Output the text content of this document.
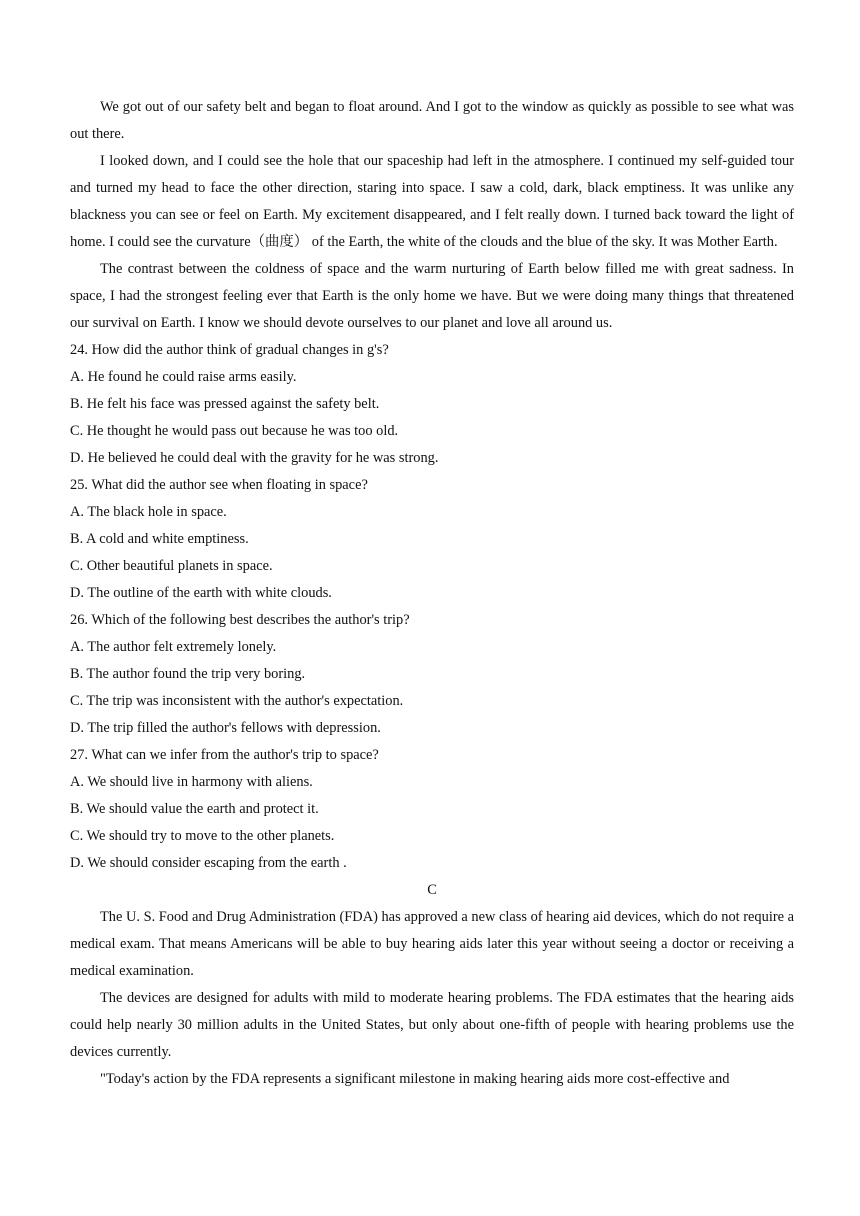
We got out of our safety belt and began to float around. And I got to the window as quickly as possible to see what was out there.

I looked down, and I could see the hole that our spaceship had left in the atmosphere. I continued my self-guided tour and turned my head to face the other direction, staring into space. I saw a cold, dark, black emptiness. It was unlike any blackness you can see or feel on Earth. My excitement disappeared, and I felt really down. I turned back toward the light of home. I could see the curvature（曲度） of the Earth, the white of the clouds and the blue of the sky. It was Mother Earth.

The contrast between the coldness of space and the warm nurturing of Earth below filled me with great sadness. In space, I had the strongest feeling ever that Earth is the only home we have. But we were doing many things that threatened our survival on Earth. I know we should devote ourselves to our planet and love all around us.

24. How did the author think of gradual changes in g's?

A. He found he could raise arms easily.

B. He felt his face was pressed against the safety belt.

C. He thought he would pass out because he was too old.

D. He believed he could deal with the gravity for he was strong.

25. What did the author see when floating in space?

A. The black hole in space.

B. A cold and white emptiness.

C. Other beautiful planets in space.

D. The outline of the earth with white clouds.

26. Which of the following best describes the author's trip?

A. The author felt extremely lonely.

B. The author found the trip very boring.

C. The trip was inconsistent with the author's expectation.

D. The trip filled the author's fellows with depression.

27. What can we infer from the author's trip to space?

A. We should live in harmony with aliens.

B. We should value the earth and protect it.

C. We should try to move to the other planets.

D. We should consider escaping from the earth .

C

The U. S. Food and Drug Administration (FDA) has approved a new class of hearing aid devices, which do not require a medical exam. That means Americans will be able to buy hearing aids later this year without seeing a doctor or receiving a medical examination.

The devices are designed for adults with mild to moderate hearing problems. The FDA estimates that the hearing aids could help nearly 30 million adults in the United States, but only about one-fifth of people with hearing problems use the devices currently.

"Today's action by the FDA represents a significant milestone in making hearing aids more cost-effective and
